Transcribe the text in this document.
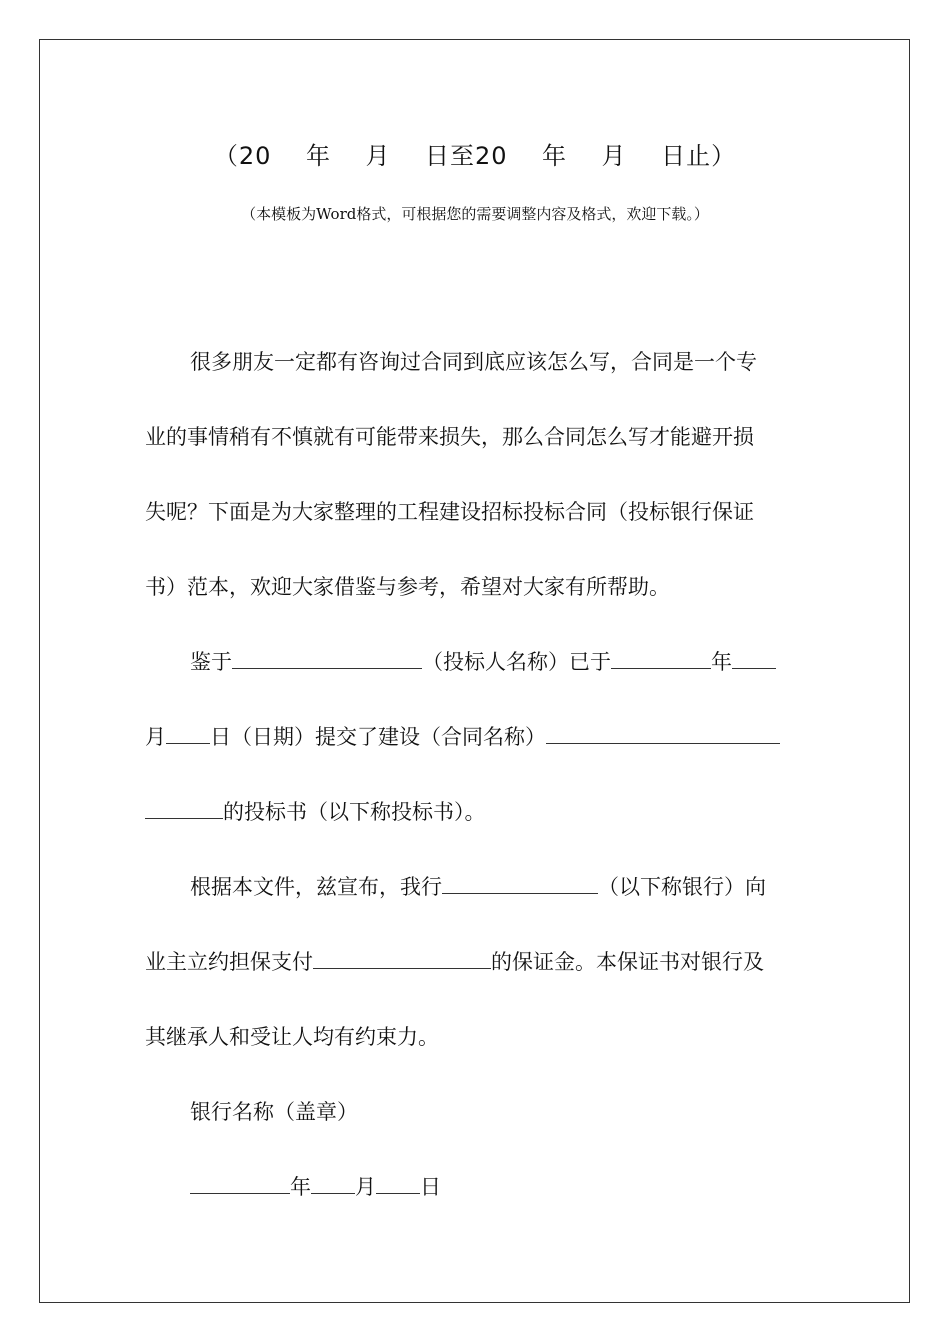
（20    年    月    日至20    年    月    日止）
（本模板为Word格式，可根据您的需要调整内容及格式，欢迎下载。）
很多朋友一定都有咨询过合同到底应该怎么写，合同是一个专
业的事情稍有不慎就有可能带来损失，那么合同怎么写才能避开损
失呢？下面是为大家整理的工程建设招标投标合同（投标银行保证
书）范本，欢迎大家借鉴与参考，希望对大家有所帮助。
鉴于	（投标人名称）已于	年
月 日（日期）提交了建设（合同名称）
的投标书（以下称投标书）。
根据本文件，兹宣布，我行	（以下称银行）向
业主立约担保支付	的保证金。本保证书对银行及
其继承人和受让人均有约束力。
银行名称（盖章）
年 月 日
